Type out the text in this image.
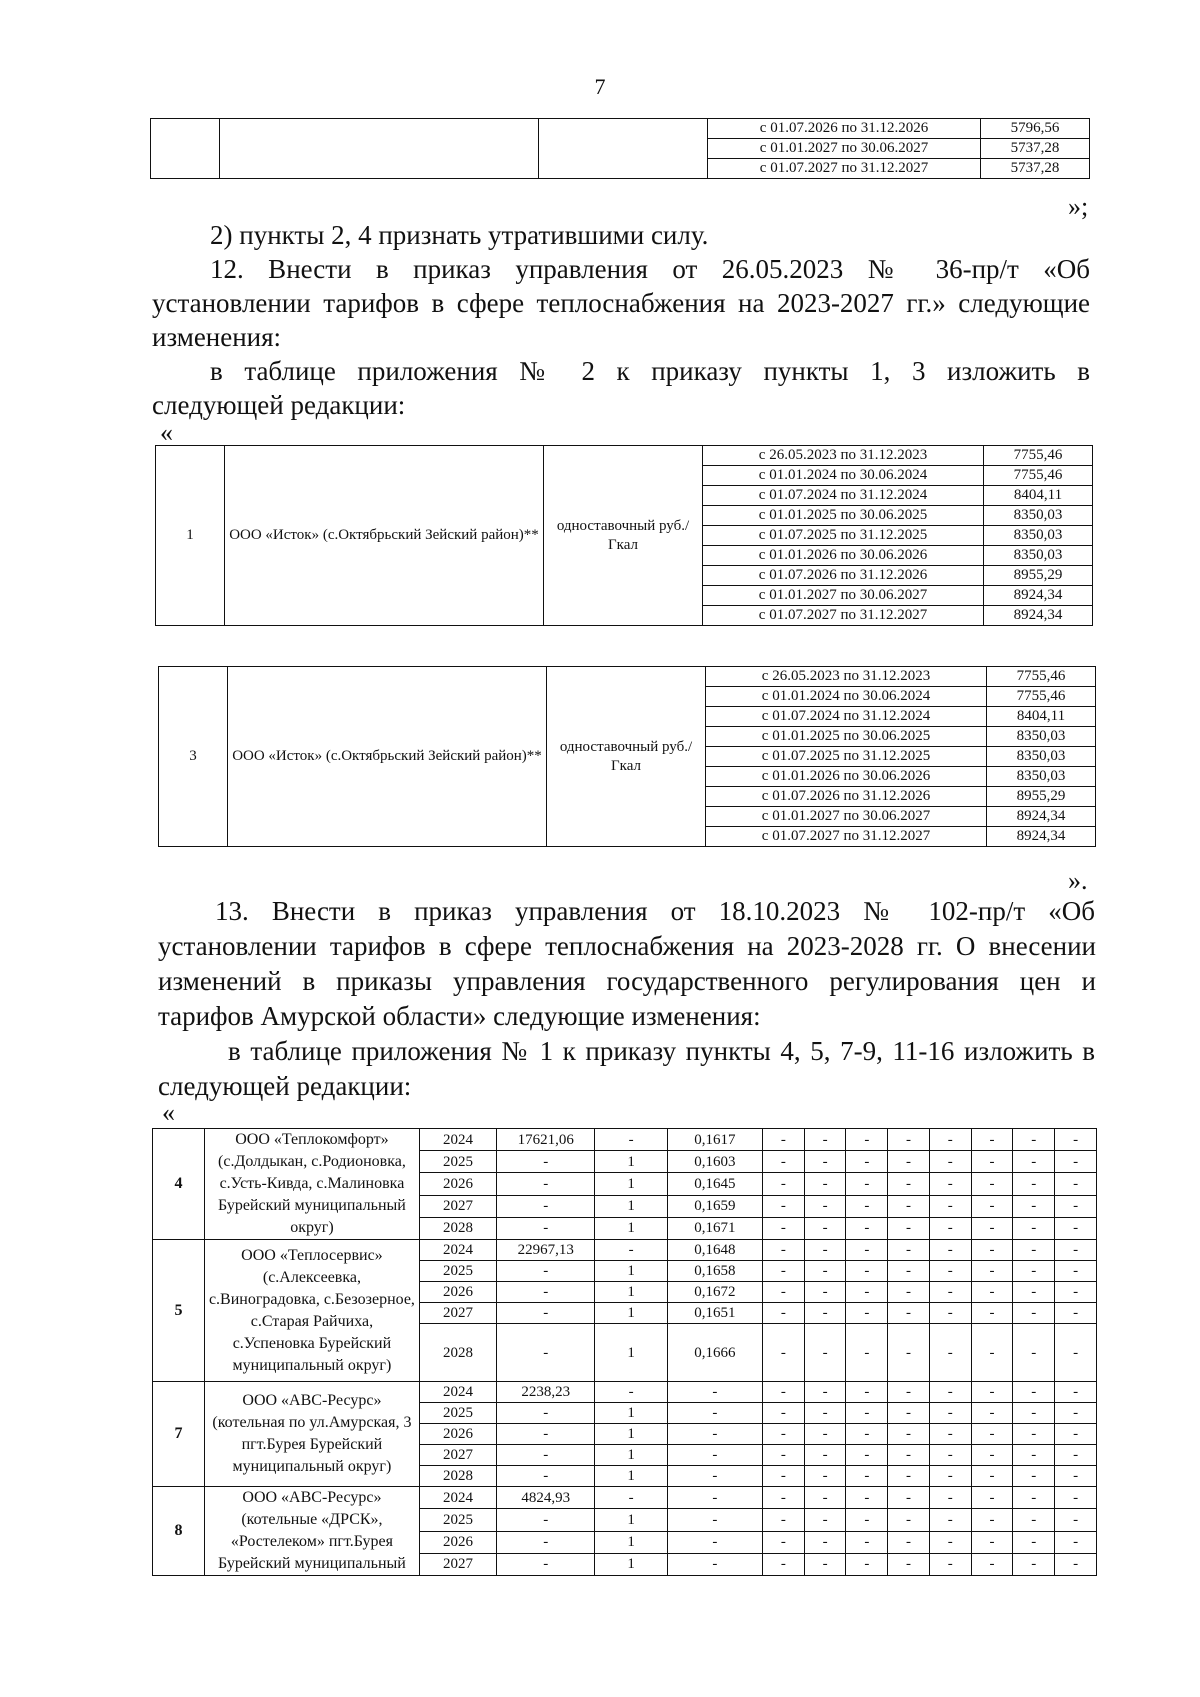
7
			с 01.07.2026 по 31.12.2026	5796,56
			с 01.01.2027 по 30.06.2027	5737,28
			с 01.07.2027 по 31.12.2027	5737,28
»;
2) пункты 2, 4 признать утратившими силу.
12. Внести в приказ управления от 26.05.2023 № 36-пр/т «Об
установлении тарифов в сфере теплоснабжения на 2023-2027 гг.» следующие
изменения:
в таблице приложения № 2 к приказу пункты 1, 3 изложить в
следующей редакции:
«
1	ООО «Исток» (с.Октябрьский Зейский район)**	одноставочный руб./Гкал	с 26.05.2023 по 31.12.2023	7755,46
			с 01.01.2024 по 30.06.2024	7755,46
			с 01.07.2024 по 31.12.2024	8404,11
			с 01.01.2025 по 30.06.2025	8350,03
			с 01.07.2025 по 31.12.2025	8350,03
			с 01.01.2026 по 30.06.2026	8350,03
			с 01.07.2026 по 31.12.2026	8955,29
			с 01.01.2027 по 30.06.2027	8924,34
			с 01.07.2027 по 31.12.2027	8924,34
3	ООО «Исток» (с.Октябрьский Зейский район)**	одноставочный руб./Гкал	с 26.05.2023 по 31.12.2023	7755,46
			с 01.01.2024 по 30.06.2024	7755,46
			с 01.07.2024 по 31.12.2024	8404,11
			с 01.01.2025 по 30.06.2025	8350,03
			с 01.07.2025 по 31.12.2025	8350,03
			с 01.01.2026 по 30.06.2026	8350,03
			с 01.07.2026 по 31.12.2026	8955,29
			с 01.01.2027 по 30.06.2027	8924,34
			с 01.07.2027 по 31.12.2027	8924,34
».
13. Внести в приказ управления от 18.10.2023 № 102-пр/т «Об
установлении тарифов в сфере теплоснабжения на 2023-2028 гг. О внесении
изменений в приказы управления государственного регулирования цен и
тарифов Амурской области» следующие изменения:
в таблице приложения № 1 к приказу пункты 4, 5, 7-9, 11-16 изложить в
следующей редакции:
«
4	ООО «Теплокомфорт» (с.Долдыкан, с.Родионовка, с.Усть-Кивда, с.Малиновка Бурейский муниципальный округ)	2024	17621,06	-	0,1617	-	-	-	-	-	-	-	-
		2025	-	1	0,1603	-	-	-	-	-	-	-	-
		2026	-	1	0,1645	-	-	-	-	-	-	-	-
		2027	-	1	0,1659	-	-	-	-	-	-	-	-
		2028	-	1	0,1671	-	-	-	-	-	-	-	-
5	ООО «Теплосервис» (с.Алексеевка, с.Виноградовка, с.Безозерное, с.Старая Райчиха, с.Успеновка Бурейский муниципальный округ)	2024	22967,13	-	0,1648	-	-	-	-	-	-	-	-
		2025	-	1	0,1658	-	-	-	-	-	-	-	-
		2026	-	1	0,1672	-	-	-	-	-	-	-	-
		2027	-	1	0,1651	-	-	-	-	-	-	-	-
		2028	-	1	0,1666	-	-	-	-	-	-	-	-
7	ООО «АВС-Ресурс» (котельная по ул.Амурская, 3 пгт.Бурея Бурейский муниципальный округ)	2024	2238,23	-	-	-	-	-	-	-	-	-	-
		2025	-	1	-	-	-	-	-	-	-	-	-
		2026	-	1	-	-	-	-	-	-	-	-	-
		2027	-	1	-	-	-	-	-	-	-	-	-
		2028	-	1	-	-	-	-	-	-	-	-	-
8	ООО «АВС-Ресурс» (котельные «ДРСК», «Ростелеком» пгт.Бурея Бурейский муниципальный	2024	4824,93	-	-	-	-	-	-	-	-	-	-
		2025	-	1	-	-	-	-	-	-	-	-	-
		2026	-	1	-	-	-	-	-	-	-	-	-
		2027	-	1	-	-	-	-	-	-	-	-	-
